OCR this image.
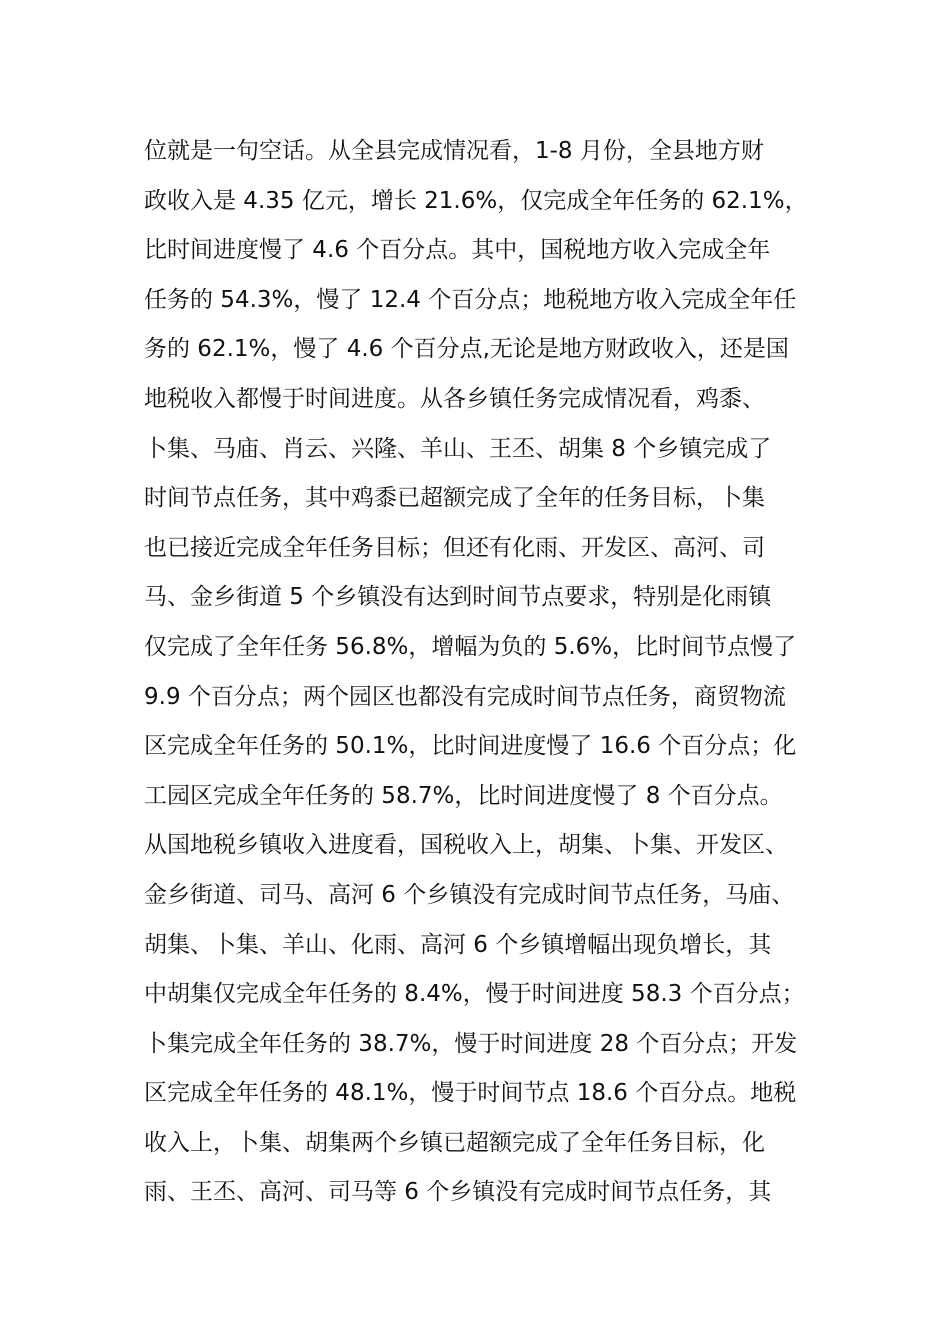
位就是一句空话。从全县完成情况看，1-8 月份，全县地方财
政收入是 4.35 亿元，增长 21.6%，仅完成全年任务的 62.1%，
比时间进度慢了 4.6 个百分点。其中，国税地方收入完成全年
任务的 54.3%，慢了 12.4 个百分点；地税地方收入完成全年任
务的 62.1%，慢了 4.6 个百分点,无论是地方财政收入，还是国
地税收入都慢于时间进度。从各乡镇任务完成情况看，鸡黍、
卜集、马庙、肖云、兴隆、羊山、王丕、胡集 8 个乡镇完成了
时间节点任务，其中鸡黍已超额完成了全年的任务目标，卜集
也已接近完成全年任务目标；但还有化雨、开发区、高河、司
马、金乡街道 5 个乡镇没有达到时间节点要求，特别是化雨镇
仅完成了全年任务 56.8%，增幅为负的 5.6%，比时间节点慢了
9.9 个百分点；两个园区也都没有完成时间节点任务，商贸物流
区完成全年任务的 50.1%，比时间进度慢了 16.6 个百分点；化
工园区完成全年任务的 58.7%，比时间进度慢了 8 个百分点。
从国地税乡镇收入进度看，国税收入上，胡集、卜集、开发区、
金乡街道、司马、高河 6 个乡镇没有完成时间节点任务，马庙、
胡集、卜集、羊山、化雨、高河 6 个乡镇增幅出现负增长，其
中胡集仅完成全年任务的 8.4%，慢于时间进度 58.3 个百分点；
卜集完成全年任务的 38.7%，慢于时间进度 28 个百分点；开发
区完成全年任务的 48.1%，慢于时间节点 18.6 个百分点。地税
收入上，卜集、胡集两个乡镇已超额完成了全年任务目标，化
雨、王丕、高河、司马等 6 个乡镇没有完成时间节点任务，其
